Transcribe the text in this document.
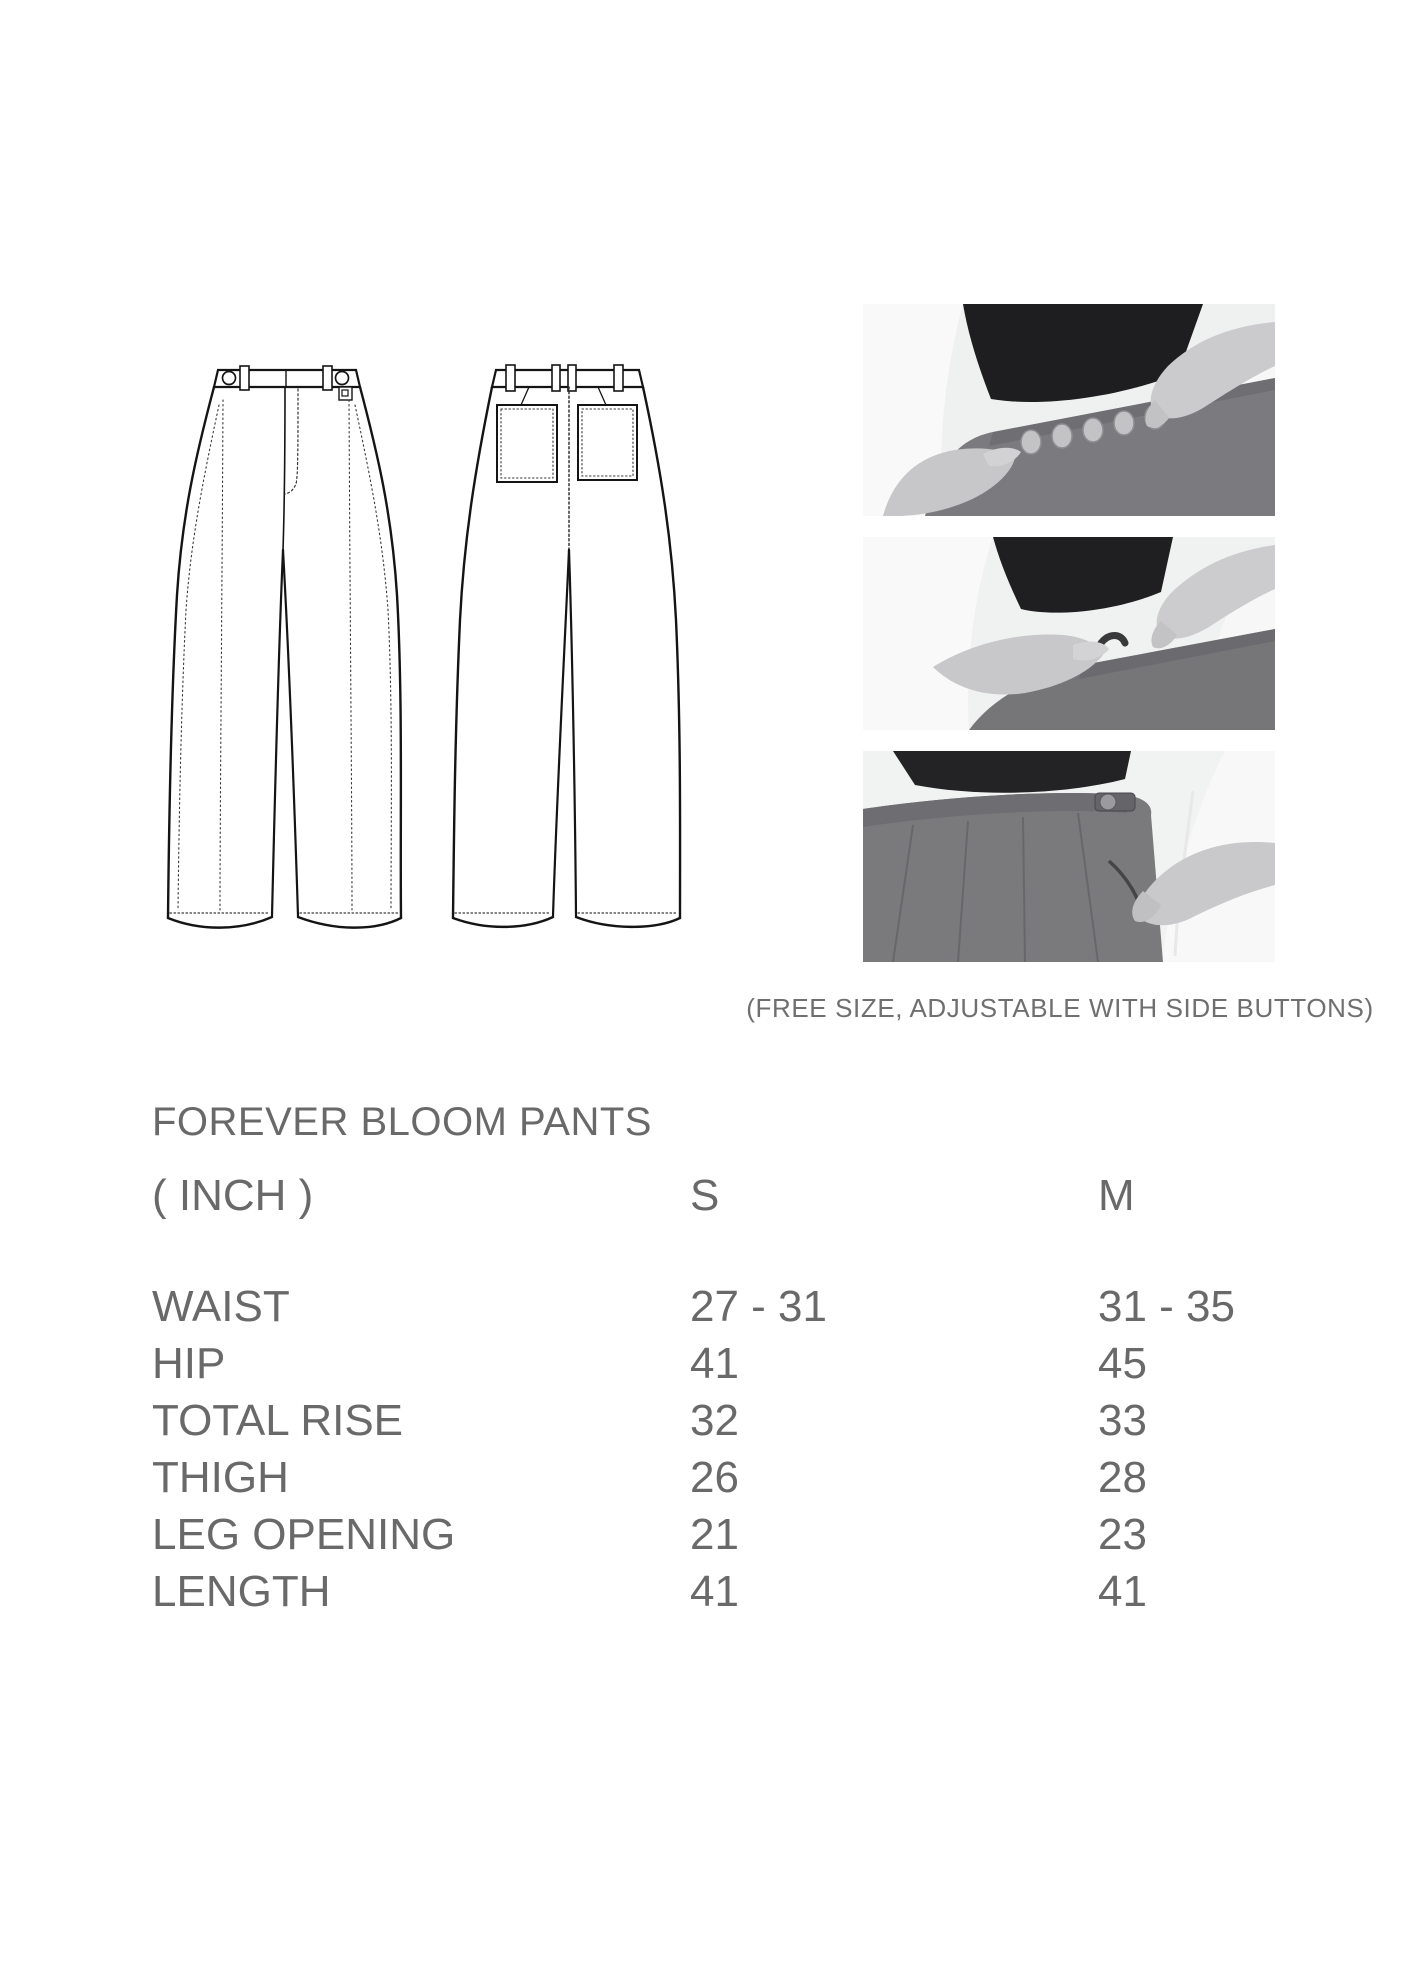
(FREE SIZE, ADJUSTABLE WITH SIDE BUTTONS)
FOREVER BLOOM PANTS
( INCH )	S	M
WAIST	27 - 31	31 - 35
HIP	41	45
TOTAL RISE	32	33
THIGH	26	28
LEG OPENING	21	23
LENGTH	41	41
